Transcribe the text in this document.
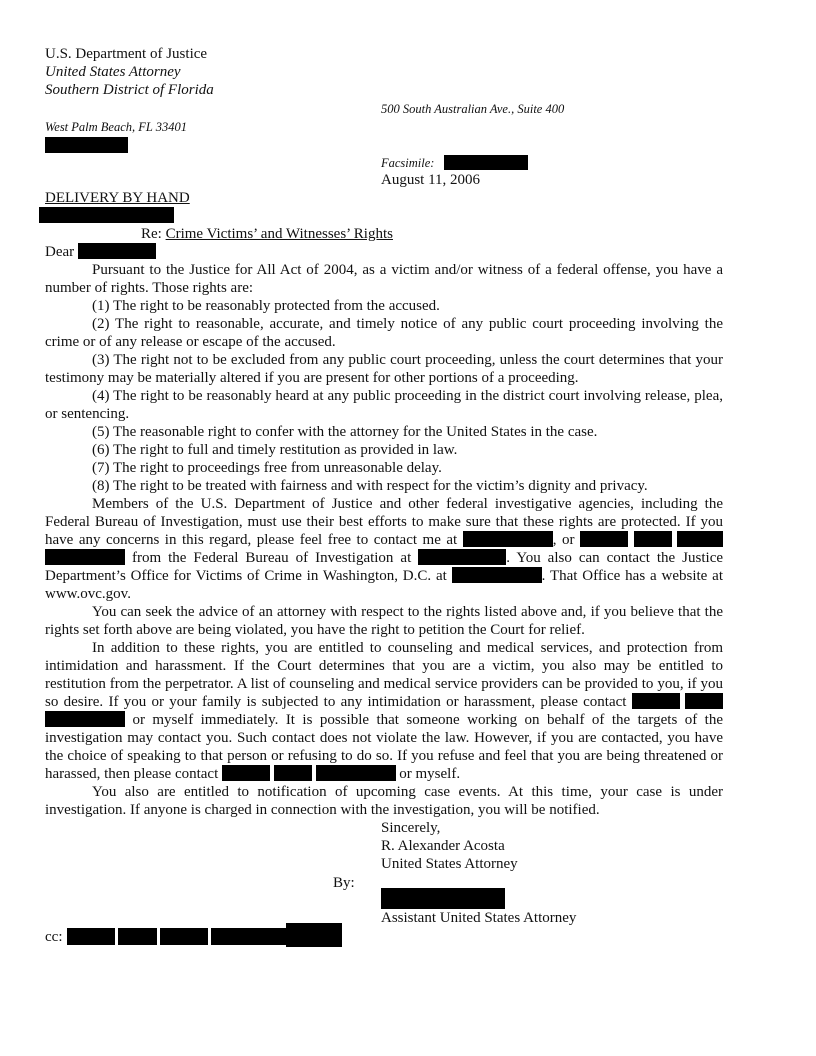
U.S. Department of Justice
United States Attorney
Southern District of Florida
500 South Australian Ave., Suite 400
West Palm Beach, FL 33401
Facsimile:
August 11, 2006
DELIVERY BY HAND
Re: Crime Victims’ and Witnesses’ Rights
Dear

Pursuant to the Justice for All Act of 2004, as a victim and/or witness of a federal offense, you have a number of rights. Those rights are:

(1) The right to be reasonably protected from the accused.

(2) The right to reasonable, accurate, and timely notice of any public court proceeding involving the crime or of any release or escape of the accused.

(3) The right not to be excluded from any public court proceeding, unless the court determines that your testimony may be materially altered if you are present for other portions of a proceeding.

(4) The right to be reasonably heard at any public proceeding in the district court involving release, plea, or sentencing.

(5) The reasonable right to confer with the attorney for the United States in the case.

(6) The right to full and timely restitution as provided in law.

(7) The right to proceedings free from unreasonable delay.

(8) The right to be treated with fairness and with respect for the victim’s dignity and privacy.

Members of the U.S. Department of Justice and other federal investigative agencies, including the Federal Bureau of Investigation, must use their best efforts to make sure that these rights are protected. If you have any concerns in this regard, please feel free to contact me at	, or     from the Federal Bureau of Investigation at	. You also can contact the Justice Department’s Office for Victims of Crime in Washington, D.C. at	. That Office has a website at www.ovc.gov.

You can seek the advice of an attorney with respect to the rights listed above and, if you believe that the rights set forth above are being violated, you have the right to petition the Court for relief.

In addition to these rights, you are entitled to counseling and medical services, and protection from intimidation and harassment. If the Court determines that you are a victim, you also may be entitled to restitution from the perpetrator. A list of counseling and medical service providers can be provided to you, if you so desire. If you or your family is subjected to any intimidation or harassment, please contact    or myself immediately. It is possible that someone working on behalf of the targets of the investigation may contact you. Such contact does not violate the law. However, if you are contacted, you have the choice of speaking to that person or refusing to do so. If you refuse and feel that you are being threatened or harassed, then please contact	or myself.

You also are entitled to notification of upcoming case events. At this time, your case is under investigation. If anyone is charged in connection with the investigation, you will be notified.

Sincerely,
R. Alexander Acosta
United States Attorney
By:
Assistant United States Attorney
cc:
